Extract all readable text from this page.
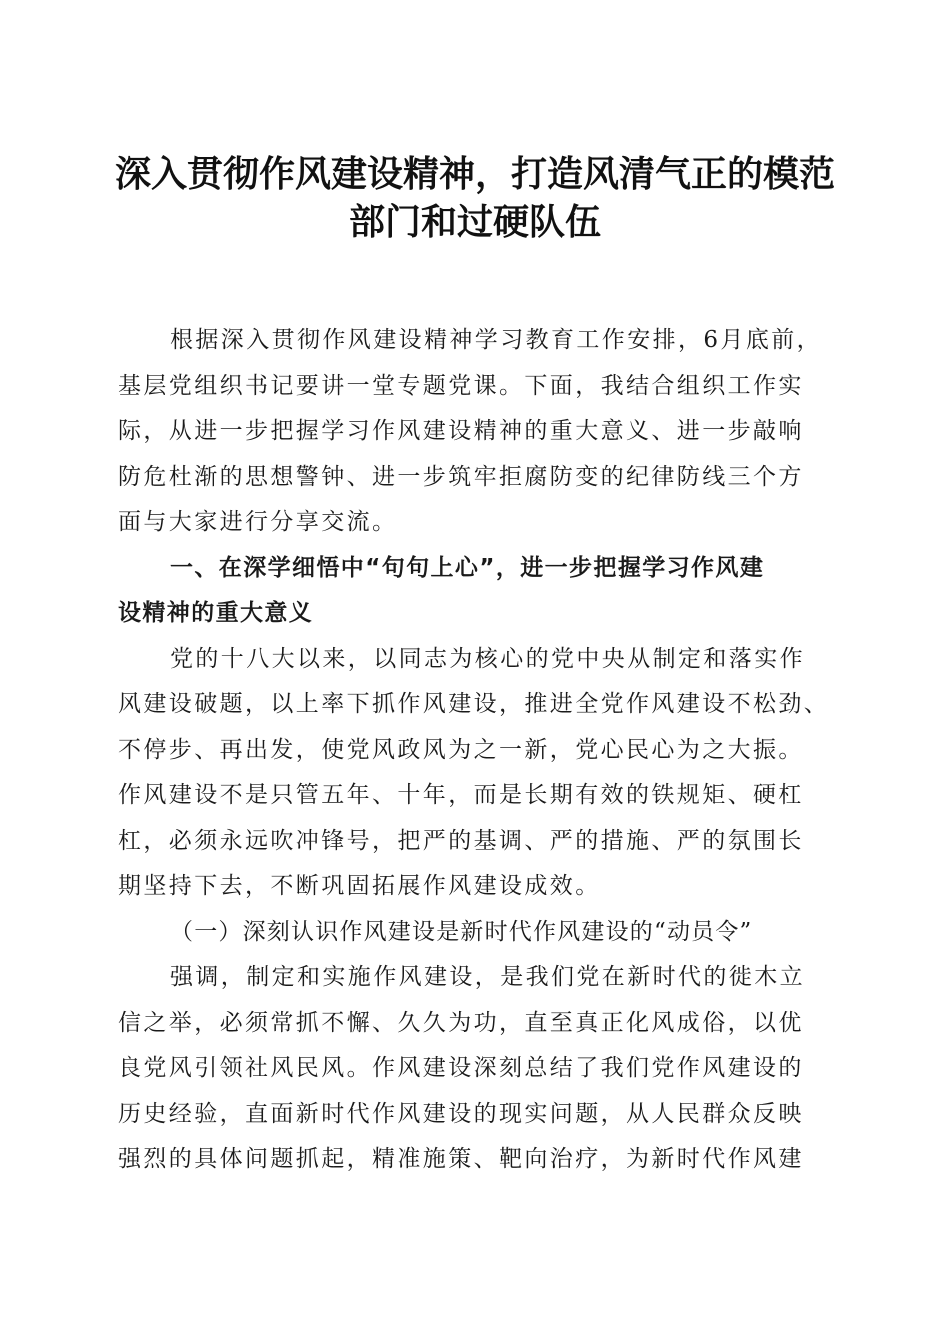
深入贯彻作风建设精神，打造风清气正的模范
部门和过硬队伍
根据深入贯彻作风建设精神学习教育工作安排，6月底前，
基层党组织书记要讲一堂专题党课。下面，我结合组织工作实
际，从进一步把握学习作风建设精神的重大意义、进一步敲响
防危杜渐的思想警钟、进一步筑牢拒腐防变的纪律防线三个方
面与大家进行分享交流。
一、在深学细悟中“句句上心”，进一步把握学习作风建
设精神的重大意义
党的十八大以来，以同志为核心的党中央从制定和落实作
风建设破题，以上率下抓作风建设，推进全党作风建设不松劲、
不停步、再出发，使党风政风为之一新，党心民心为之大振。
作风建设不是只管五年、十年，而是长期有效的铁规矩、硬杠
杠，必须永远吹冲锋号，把严的基调、严的措施、严的氛围长
期坚持下去，不断巩固拓展作风建设成效。
（一）深刻认识作风建设是新时代作风建设的“动员令”
强调，制定和实施作风建设，是我们党在新时代的徙木立
信之举，必须常抓不懈、久久为功，直至真正化风成俗，以优
良党风引领社风民风。作风建设深刻总结了我们党作风建设的
历史经验，直面新时代作风建设的现实问题，从人民群众反映
强烈的具体问题抓起，精准施策、靶向治疗，为新时代作风建
